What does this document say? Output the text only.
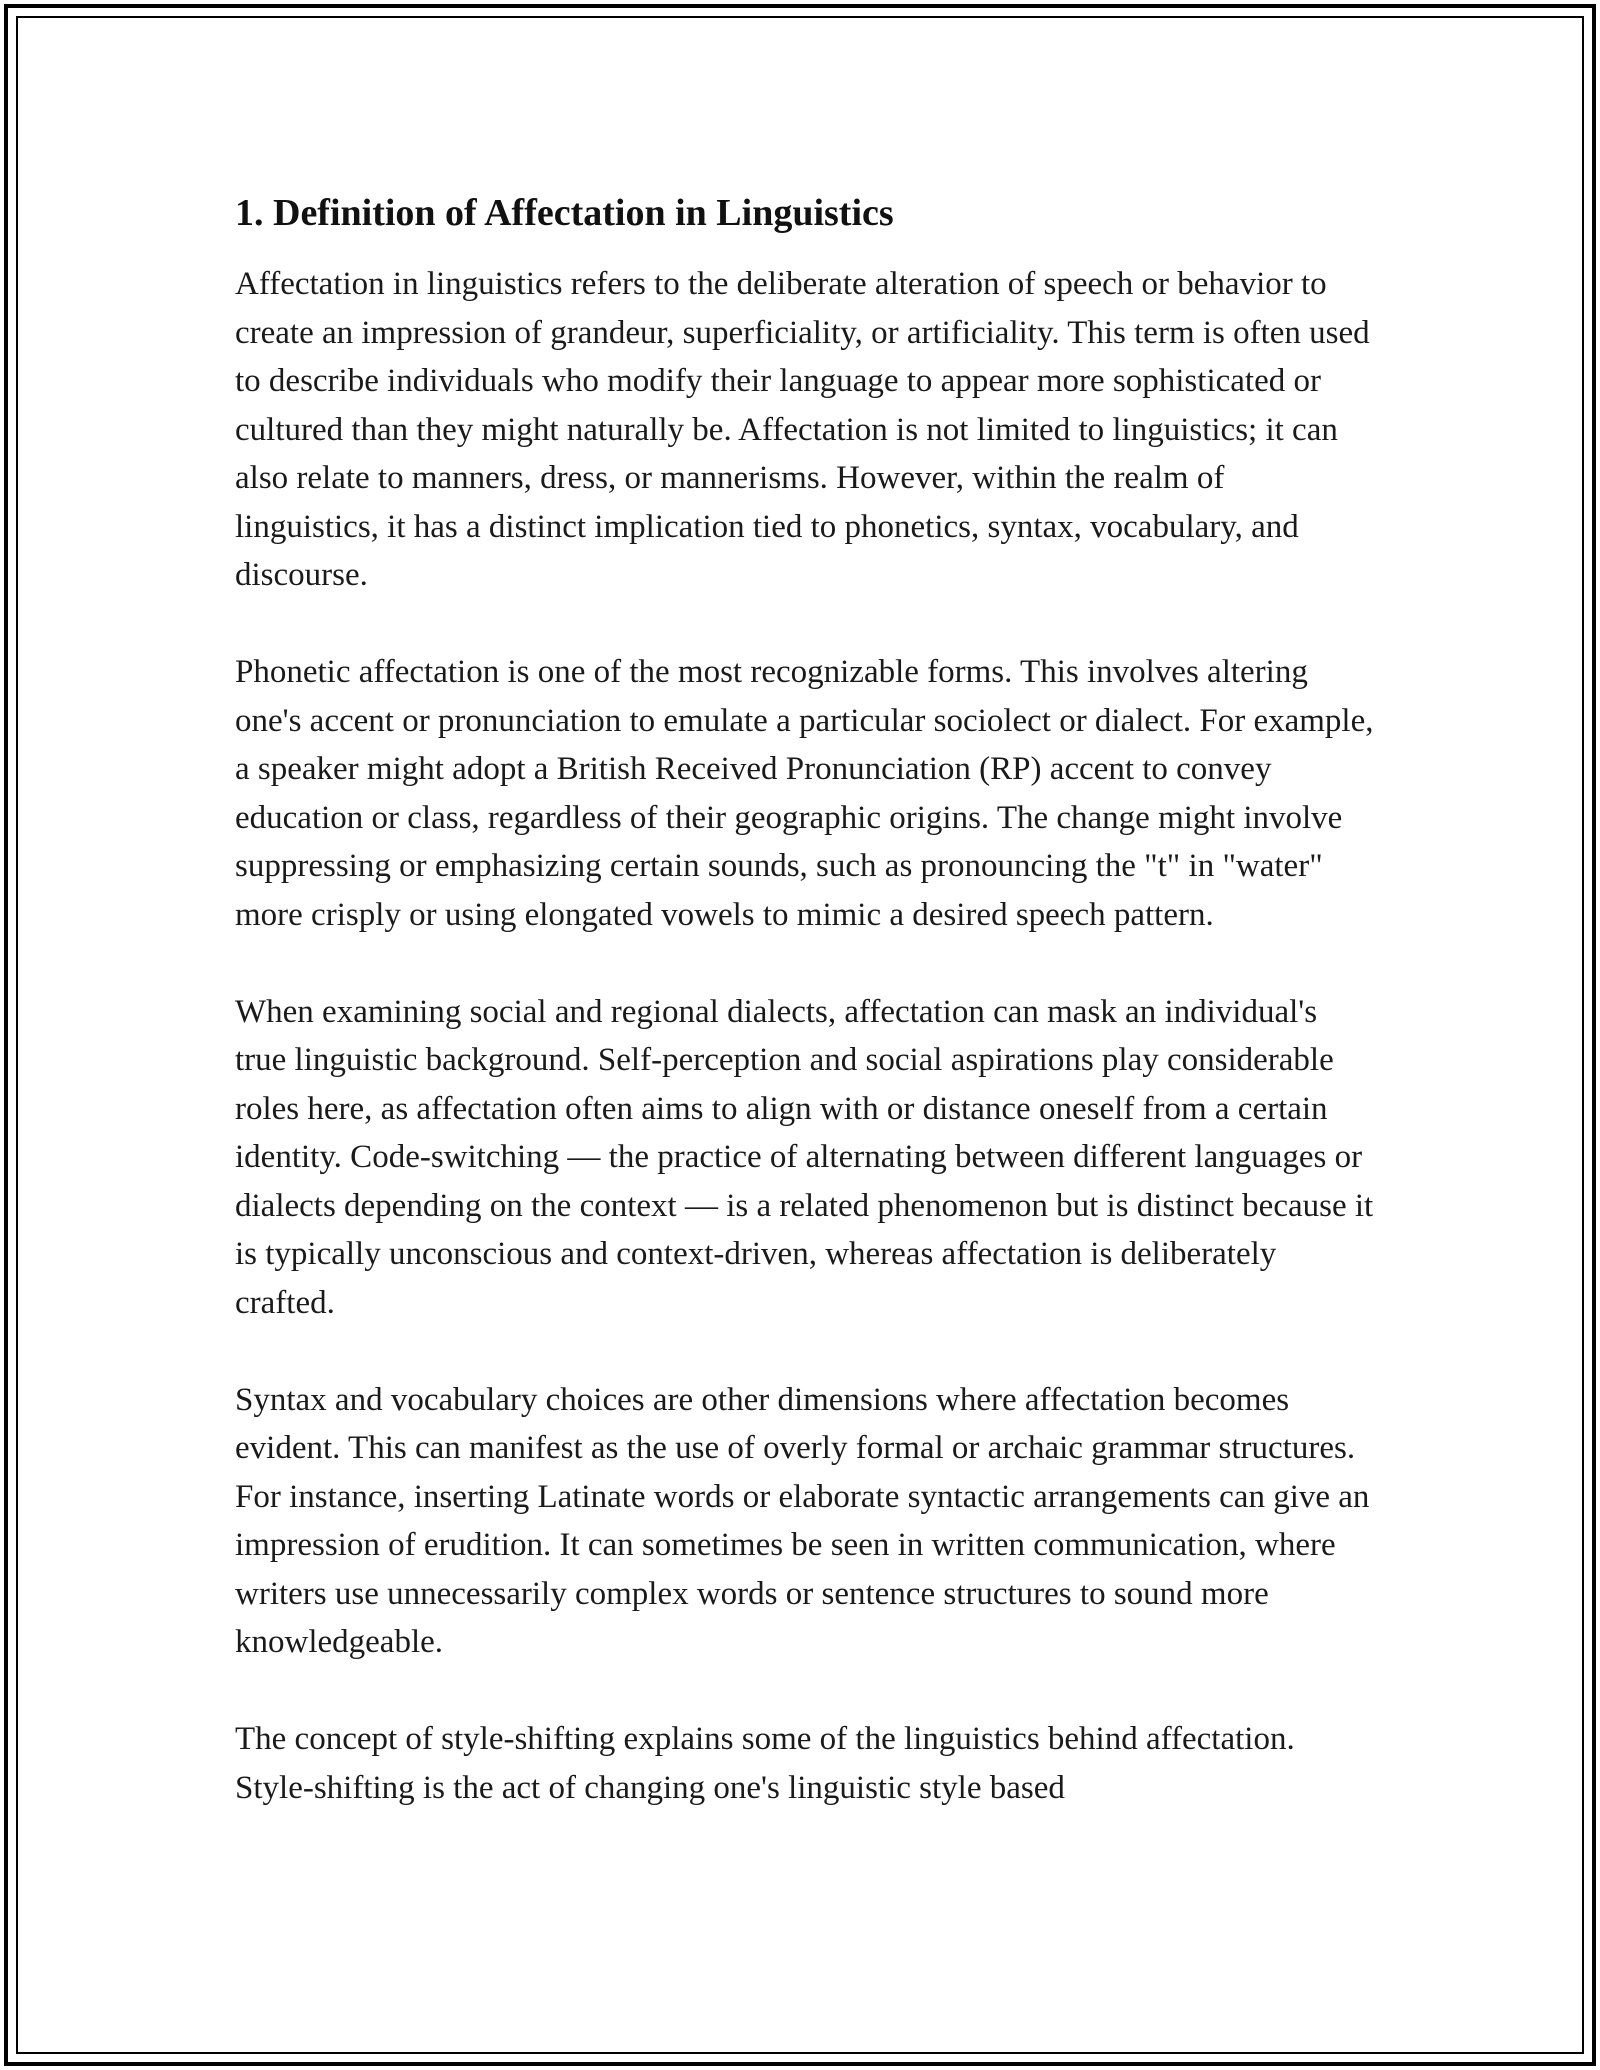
1. Definition of Affectation in Linguistics

Affectation in linguistics refers to the deliberate alteration of speech or behavior to create an impression of grandeur, superficiality, or artificiality. This term is often used to describe individuals who modify their language to appear more sophisticated or cultured than they might naturally be. Affectation is not limited to linguistics; it can also relate to manners, dress, or mannerisms. However, within the realm of linguistics, it has a distinct implication tied to phonetics, syntax, vocabulary, and discourse.

Phonetic affectation is one of the most recognizable forms. This involves altering one's accent or pronunciation to emulate a particular sociolect or dialect. For example, a speaker might adopt a British Received Pronunciation (RP) accent to convey education or class, regardless of their geographic origins. The change might involve suppressing or emphasizing certain sounds, such as pronouncing the "t" in "water" more crisply or using elongated vowels to mimic a desired speech pattern.

When examining social and regional dialects, affectation can mask an individual's true linguistic background. Self-perception and social aspirations play considerable roles here, as affectation often aims to align with or distance oneself from a certain identity. Code-switching — the practice of alternating between different languages or dialects depending on the context — is a related phenomenon but is distinct because it is typically unconscious and context-driven, whereas affectation is deliberately crafted.

Syntax and vocabulary choices are other dimensions where affectation becomes evident. This can manifest as the use of overly formal or archaic grammar structures. For instance, inserting Latinate words or elaborate syntactic arrangements can give an impression of erudition. It can sometimes be seen in written communication, where writers use unnecessarily complex words or sentence structures to sound more knowledgeable.

The concept of style-shifting explains some of the linguistics behind affectation. Style-shifting is the act of changing one's linguistic style based
